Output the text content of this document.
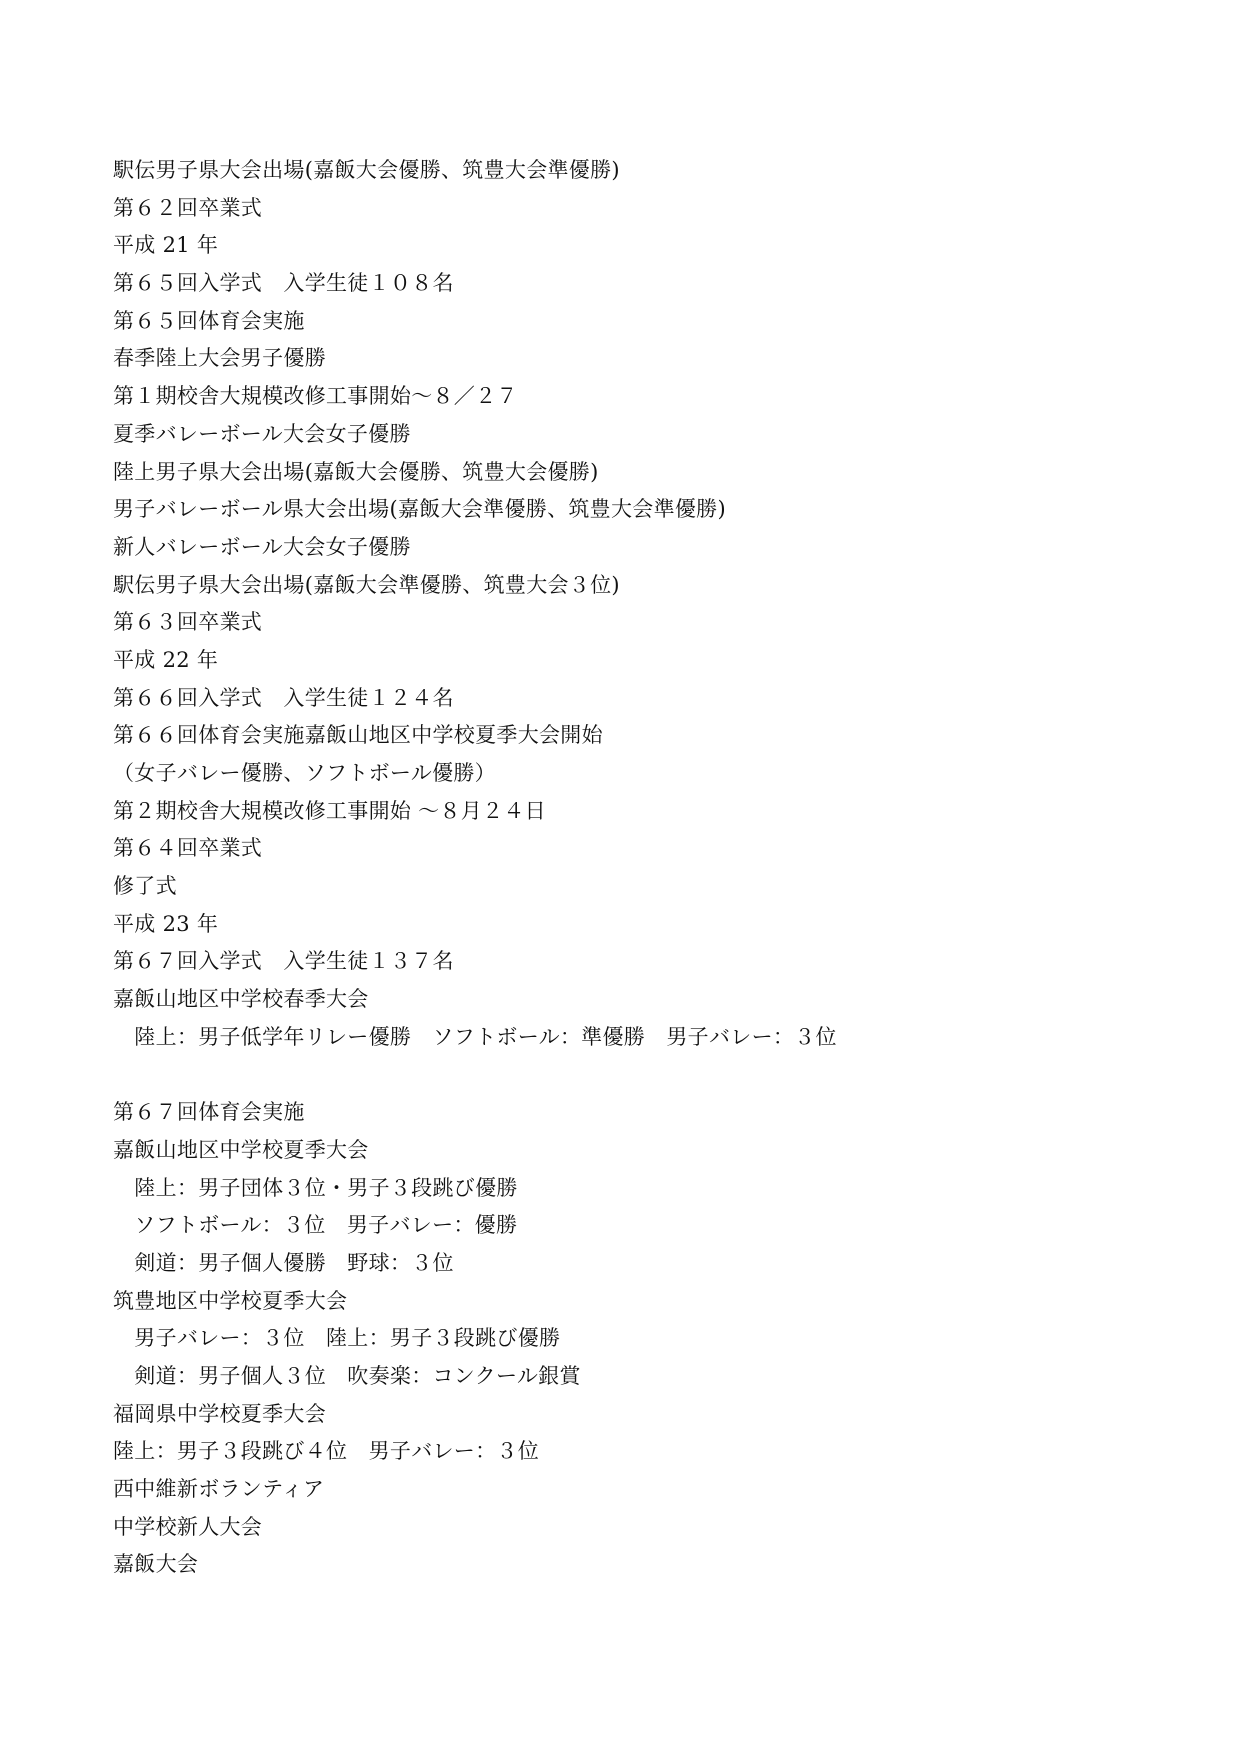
駅伝男子県大会出場(嘉飯大会優勝、筑豊大会準優勝)
第６２回卒業式
平成 21 年
第６５回入学式　入学生徒１０８名
第６５回体育会実施
春季陸上大会男子優勝
第１期校舎大規模改修工事開始～８／２７
夏季バレーボール大会女子優勝
陸上男子県大会出場(嘉飯大会優勝、筑豊大会優勝)
男子バレーボール県大会出場(嘉飯大会準優勝、筑豊大会準優勝)
新人バレーボール大会女子優勝
駅伝男子県大会出場(嘉飯大会準優勝、筑豊大会３位)
第６３回卒業式
平成 22 年
第６６回入学式　入学生徒１２４名
第６６回体育会実施嘉飯山地区中学校夏季大会開始
（女子バレー優勝、ソフトボール優勝）
第２期校舎大規模改修工事開始 ～８月２４日
第６４回卒業式
修了式
平成 23 年
第６７回入学式　入学生徒１３７名
嘉飯山地区中学校春季大会
　陸上：男子低学年リレー優勝　ソフトボール：準優勝　男子バレー：３位
第６７回体育会実施
嘉飯山地区中学校夏季大会
　陸上：男子団体３位・男子３段跳び優勝
　ソフトボール：３位　男子バレー：優勝
　剣道：男子個人優勝　野球：３位
筑豊地区中学校夏季大会
　男子バレー：３位　陸上：男子３段跳び優勝
　剣道：男子個人３位　吹奏楽：コンクール銀賞
福岡県中学校夏季大会
陸上：男子３段跳び４位　男子バレー：３位
西中維新ボランティア
中学校新人大会
嘉飯大会
